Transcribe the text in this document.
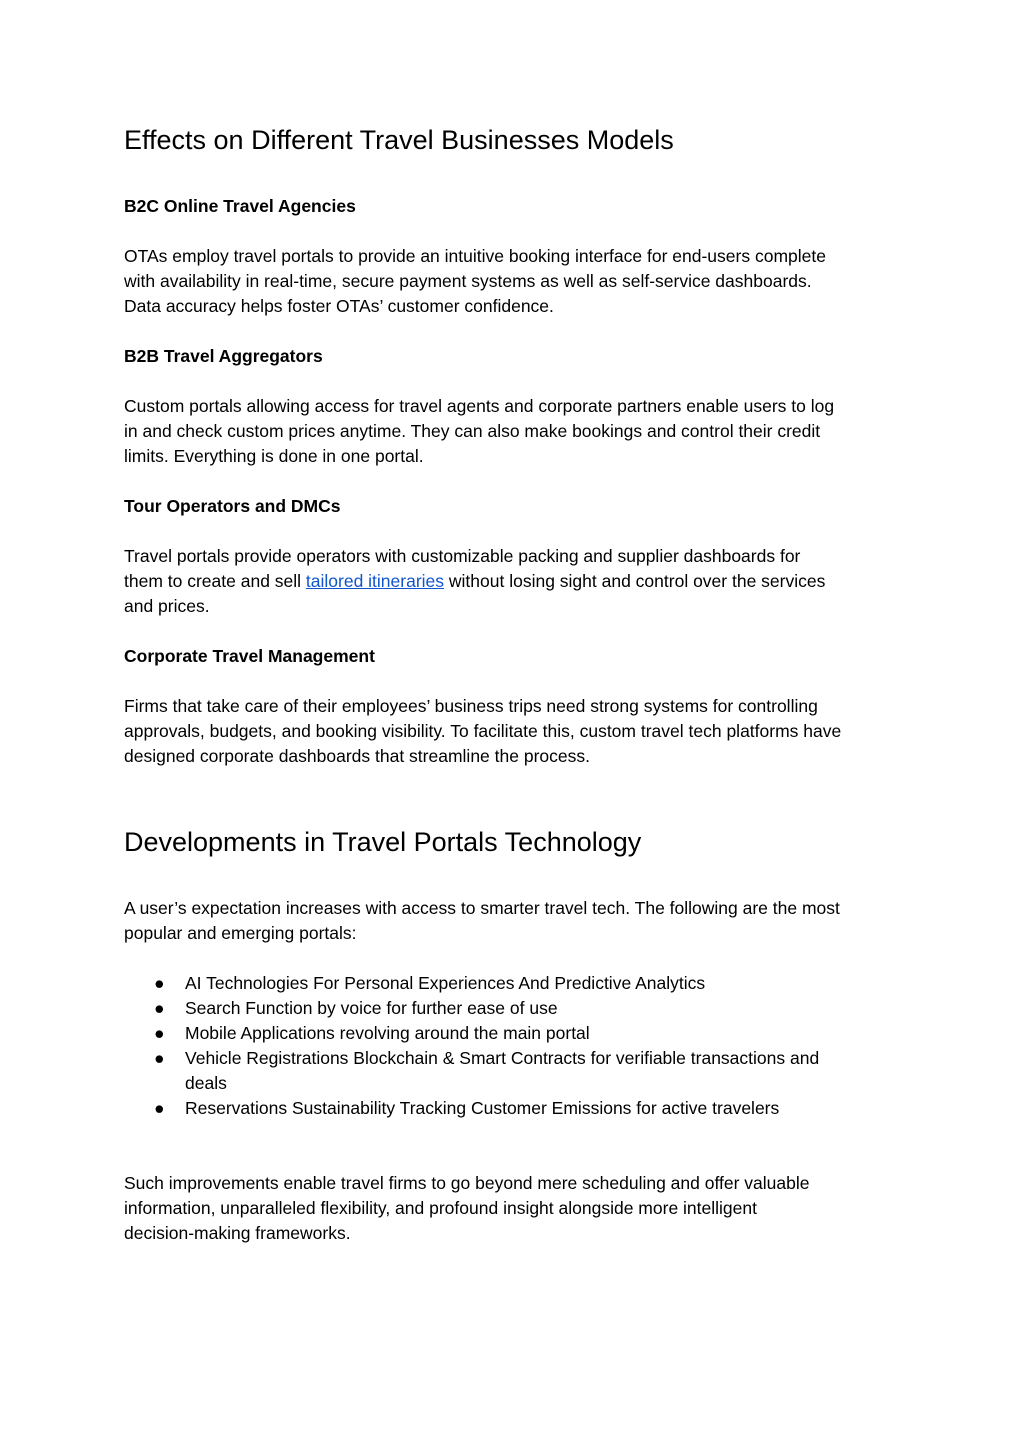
Effects on Different Travel Businesses Models
B2C Online Travel Agencies

OTAs employ travel portals to provide an intuitive booking interface for end-users complete
with availability in real-time, secure payment systems as well as self-service dashboards.
Data accuracy helps foster OTAs’ customer confidence.

B2B Travel Aggregators

Custom portals allowing access for travel agents and corporate partners enable users to log
in and check custom prices anytime. They can also make bookings and control their credit
limits. Everything is done in one portal.

Tour Operators and DMCs

Travel portals provide operators with customizable packing and supplier dashboards for
them to create and sell tailored itineraries without losing sight and control over the services
and prices.

Corporate Travel Management

Firms that take care of their employees’ business trips need strong systems for controlling
approvals, budgets, and booking visibility. To facilitate this, custom travel tech platforms have
designed corporate dashboards that streamline the process.

Developments in Travel Portals Technology

A user’s expectation increases with access to smarter travel tech. The following are the most
popular and emerging portals:

● AI Technologies For Personal Experiences And Predictive Analytics
● Search Function by voice for further ease of use
● Mobile Applications revolving around the main portal
● Vehicle Registrations Blockchain & Smart Contracts for verifiable transactions and
deals
● Reservations Sustainability Tracking Customer Emissions for active travelers

Such improvements enable travel firms to go beyond mere scheduling and offer valuable
information, unparalleled flexibility, and profound insight alongside more intelligent
decision-making frameworks.
